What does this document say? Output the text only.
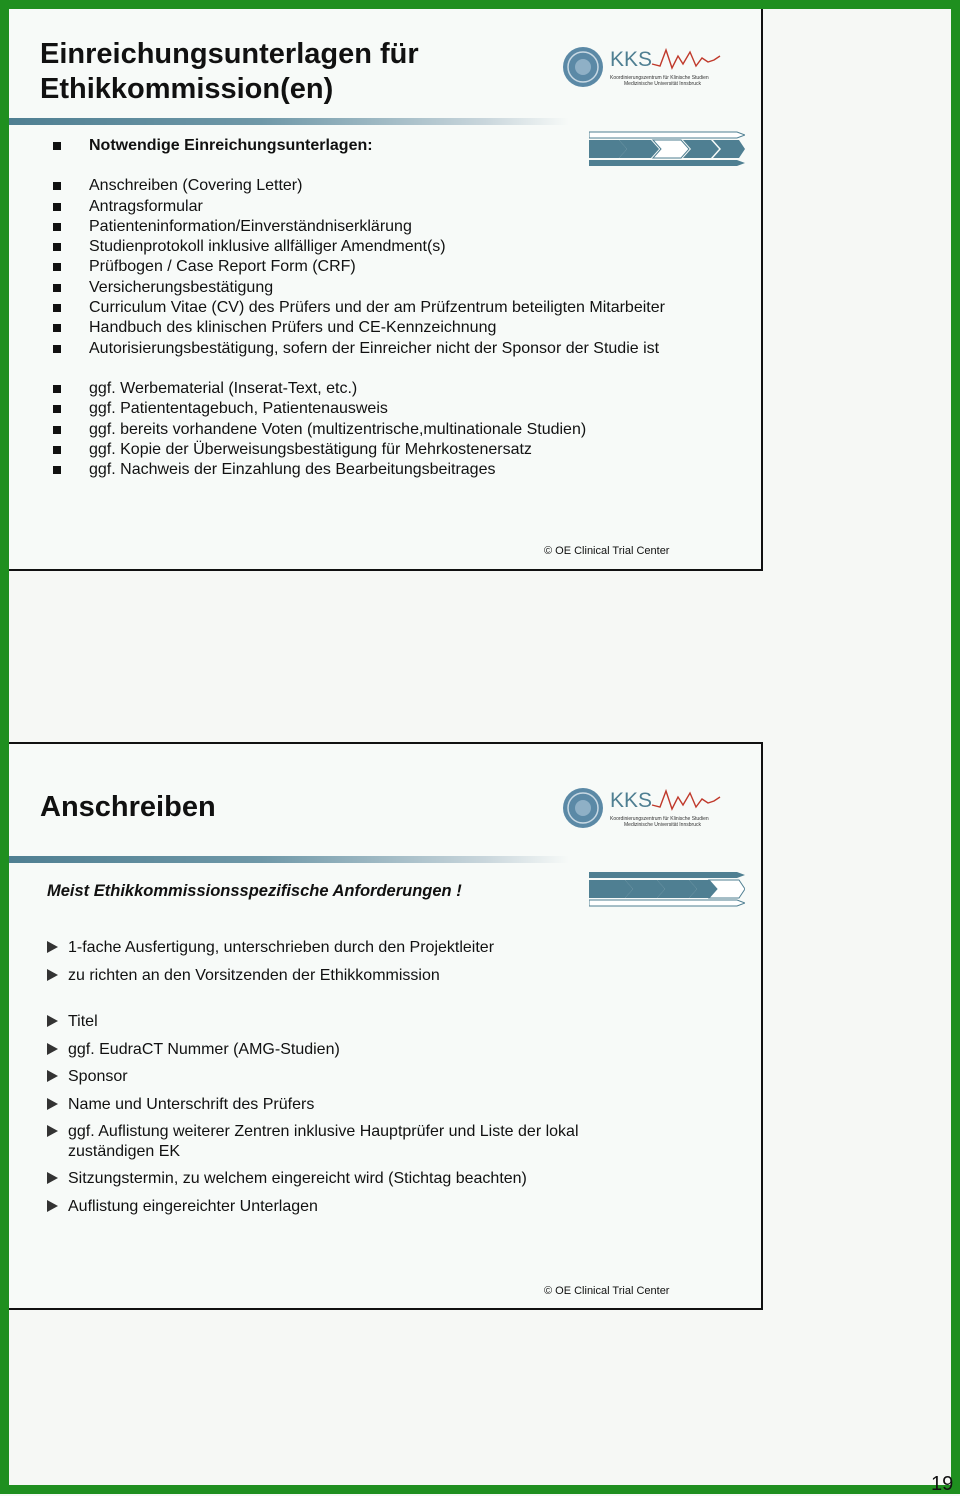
Einreichungsunterlagen für
Ethikkommission(en)
KKS
Koordinierungszentrum für Klinische Studien
Medizinische Universität Innsbruck
Notwendige Einreichungsunterlagen:
Anschreiben (Covering Letter)
Antragsformular
Patienteninformation/Einverständniserklärung
Studienprotokoll inklusive allfälliger Amendment(s)
Prüfbogen / Case Report Form (CRF)
Versicherungsbestätigung
Curriculum Vitae (CV) des Prüfers und der am Prüfzentrum beteiligten Mitarbeiter
Handbuch des klinischen Prüfers und CE-Kennzeichnung
Autorisierungsbestätigung, sofern der Einreicher nicht der Sponsor der Studie ist
ggf. Werbematerial (Inserat-Text, etc.)
ggf. Patiententagebuch, Patientenausweis
ggf. bereits vorhandene Voten (multizentrische,multinationale Studien)
ggf. Kopie der Überweisungsbestätigung für Mehrkostenersatz
ggf. Nachweis der Einzahlung des Bearbeitungsbeitrages
© OE Clinical Trial Center
Anschreiben	KKS
Koordinierungszentrum für Klinische Studien
Medizinische Universität Innsbruck

Meist Ethikkommissionsspezifische Anforderungen !

1-fache Ausfertigung, unterschrieben durch den Projektleiter
zu richten an den Vorsitzenden der Ethikkommission
Titel
ggf. EudraCT Nummer (AMG-Studien)
Sponsor
Name und Unterschrift des Prüfers
ggf. Auflistung weiterer Zentren inklusive Hauptprüfer und Liste der lokal zuständigen EK
Sitzungstermin, zu welchem eingereicht wird (Stichtag beachten)
Auflistung eingereichter Unterlagen
© OE Clinical Trial Center
19
